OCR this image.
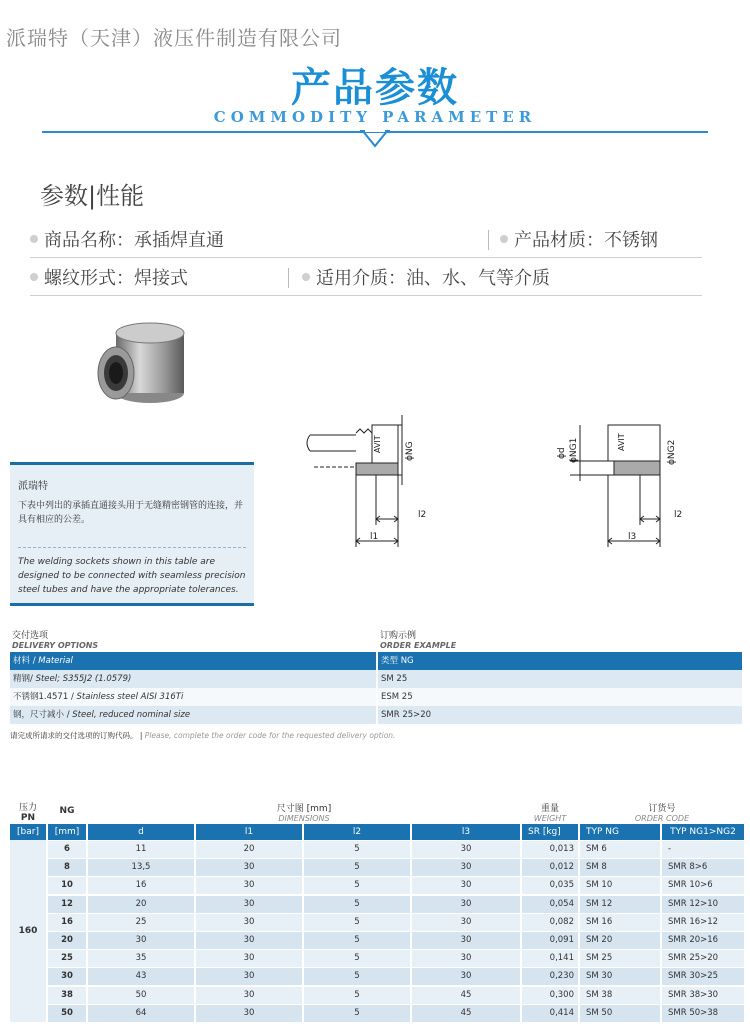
派瑞特（天津）液压件制造有限公司
产品参数
COMMODITY PARAMETER
参数|性能
商品名称：承插焊直通	产品材质：不锈钢
螺纹形式：焊接式	适用介质：油、水、气等介质
AVIT	ϕNG
l2
l1
ϕd ϕNG1	AVIT	ϕNG2
l2
l3
派瑞特
下表中列出的承插直通接头用于无缝精密钢管的连接，并具有相应的公差。
The welding sockets shown in this table are designed to be connected with seamless precision steel tubes and have the appropriate tolerances.
交付选项
DELIVERY OPTIONS
订购示例
ORDER EXAMPLE
材料 / Material	类型 NG
精钢/ Steel; S355J2 (1.0579)	SM 25
不锈钢1.4571 / Stainless steel AISI 316Ti	ESM 25
钢，尺寸减小 / Steel, reduced nominal size	SMR 25>20
请完成所请求的交付选项的订购代码。 | Please, complete the order code for the requested delivery option.
压力
PN
NG	尺寸图 [mm]
DIMENSIONS
重量
WEIGHT
订货号
ORDER CODE
[bar]	[mm]	d	l1	l2	l3	SR [kg]	TYP NG	TYP NG1>NG2
160
6	11	20	5	30	0,013	SM 6	-
8	13,5	30	5	30	0,012	SM 8	SMR 8>6
10	16	30	5	30	0,035	SM 10	SMR 10>6
12	20	30	5	30	0,054	SM 12	SMR 12>10
16	25	30	5	30	0,082	SM 16	SMR 16>12
20	30	30	5	30	0,091	SM 20	SMR 20>16
25	35	30	5	30	0,141	SM 25	SMR 25>20
30	43	30	5	30	0,230	SM 30	SMR 30>25
38	50	30	5	45	0,300	SM 38	SMR 38>30
50	64	30	5	45	0,414	SM 50	SMR 50>38
